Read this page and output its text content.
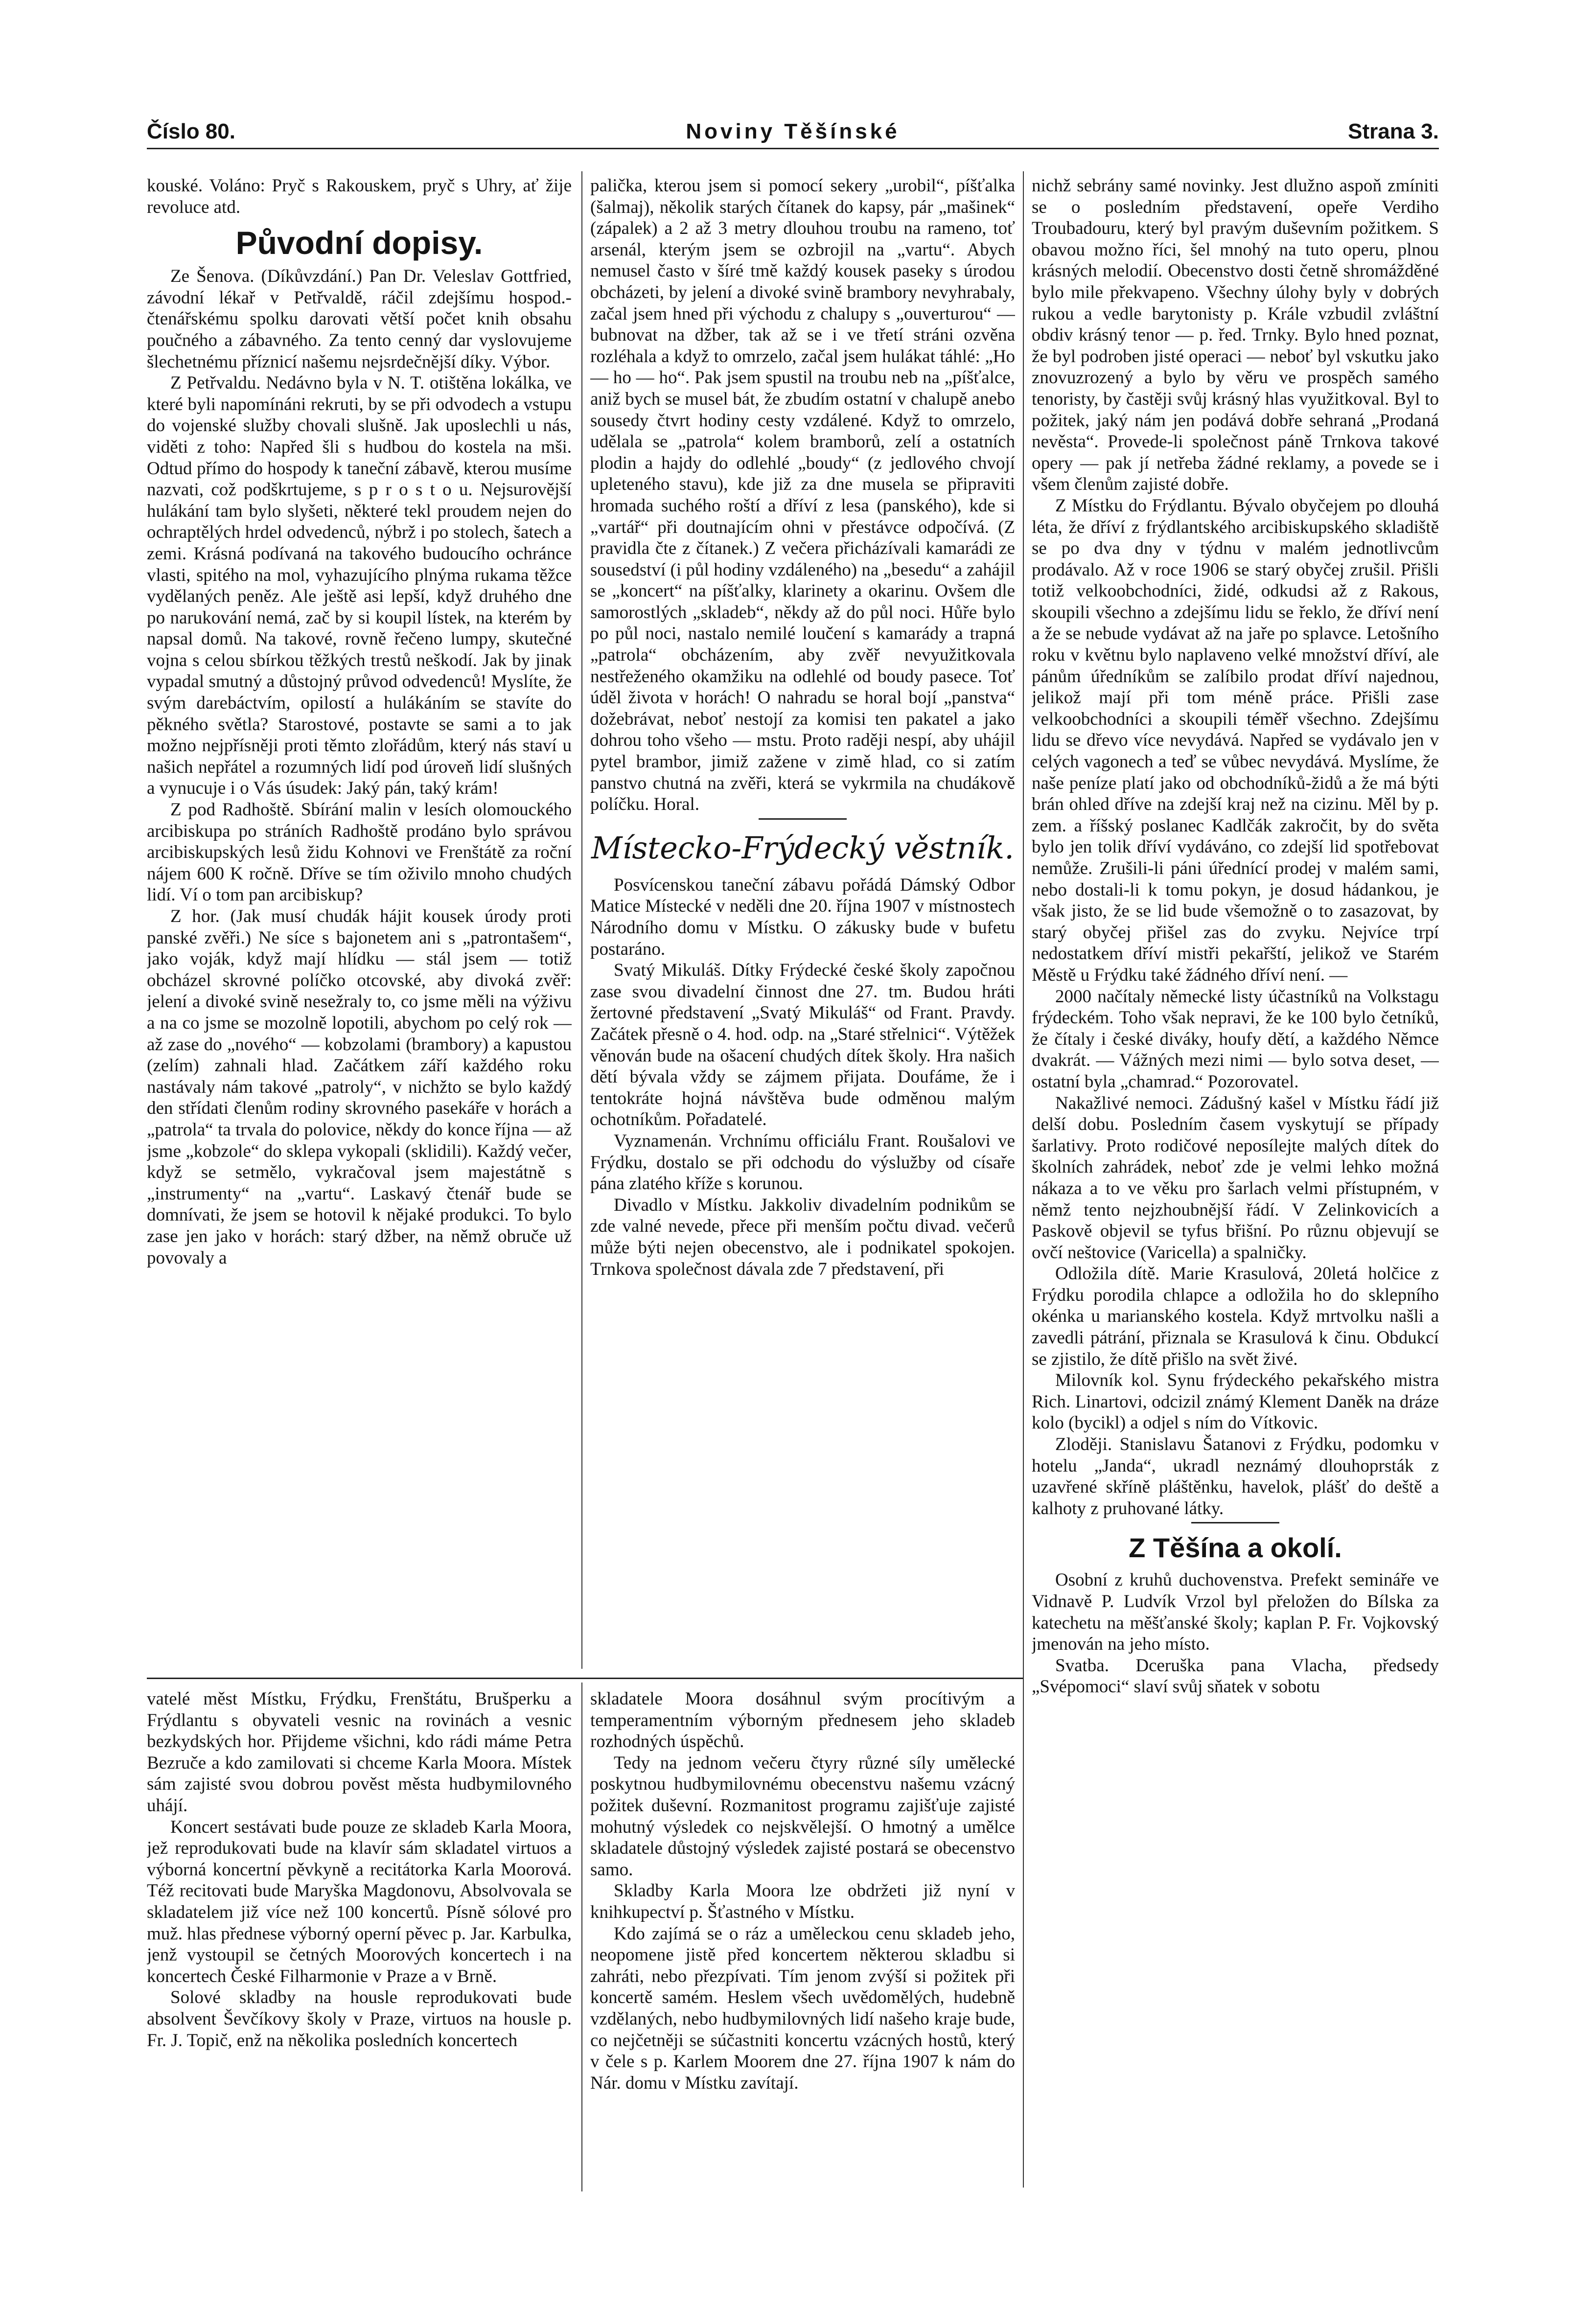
Číslo 80.	Noviny Těšínské	Strana 3.

kouské. Voláno: Pryč s Rakouskem, pryč s Uhry, ať žije revoluce atd.

Původní dopisy.

Ze Šenova. (Díkůvzdání.) Pan Dr. Veleslav Gottfried, závodní lékař v Petřvaldě, ráčil zdejšímu hospod.-čtenářskému spolku darovati větší počet knih obsahu poučného a zábavného. Za tento cenný dar vyslovujeme šlechetnému příznicí našemu nejsrdečnější díky. Výbor.

Z Petřvaldu. Nedávno byla v N. T. otištěna lokálka, ve které byli napomínáni rekruti, by se při odvodech a vstupu do vojenské služby chovali slušně. Jak uposlechli u nás, viděti z toho: Napřed šli s hudbou do kostela na mši. Odtud přímo do hospody k taneční zábavě, kterou musíme nazvati, což podškrtujeme, s p r o s t o u. Nejsurovější hulákání tam bylo slyšeti, některé tekl proudem nejen do ochraptělých hrdel odvedenců, nýbrž i po stolech, šatech a zemi. Krásná podívaná na takového budoucího ochránce vlasti, spitého na mol, vyhazujícího plnýma rukama těžce vydělaných peněz. Ale ještě asi lepší, když druhého dne po narukování nemá, zač by si koupil lístek, na kterém by napsal domů. Na takové, rovně řečeno lumpy, skutečné vojna s celou sbírkou těžkých trestů neškodí. Jak by jinak vypadal smutný a důstojný průvod odvedenců! Myslíte, že svým darebáctvím, opilostí a hulákáním se stavíte do pěkného světla? Starostové, postavte se sami a to jak možno nejpřísněji proti těmto zlořádům, který nás staví u našich nepřátel a rozumných lidí pod úroveň lidí slušných a vynucuje i o Vás úsudek: Jaký pán, taký krám!

Z pod Radhoště. Sbírání malin v lesích olomouckého arcibiskupa po stráních Radhoště prodáno bylo správou arcibiskupských lesů židu Kohnovi ve Frenštátě za roční nájem 600 K ročně. Dříve se tím oživilo mnoho chudých lidí. Ví o tom pan arcibiskup?

Z hor. (Jak musí chudák hájit kousek úrody proti panské zvěři.) Ne síce s bajonetem ani s „patrontašem“, jako voják, když mají hlídku — stál jsem — totiž obcházel skrovné políčko otcovské, aby divoká zvěř: jelení a divoké svině nesežraly to, co jsme měli na výživu a na co jsme se mozolně lopotili, abychom po celý rok — až zase do „nového“ — kobzolami (brambory) a kapustou (zelím) zahnali hlad. Začátkem září každého roku nastávaly nám takové „patroly“, v nichžto se bylo každý den střídati členům rodiny skrovného pasekáře v horách a „patrola“ ta trvala do polovice, někdy do konce října — až jsme „kobzole“ do sklepa vykopali (sklidili). Každý večer, když se setmělo, vykračoval jsem majestátně s „instrumenty“ na „vartu“. Laskavý čtenář bude se domnívati, že jsem se hotovil k nějaké produkci. To bylo zase jen jako v horách: starý džber, na němž obruče už povovaly a

palička, kterou jsem si pomocí sekery „urobil“, píšťalka (šalmaj), několik starých čítanek do kapsy, pár „mašinek“ (zápalek) a 2 až 3 metry dlouhou troubu na rameno, toť arsenál, kterým jsem se ozbrojil na „vartu“. Abych nemusel často v šíré tmě každý kousek paseky s úrodou obcházeti, by jelení a divoké svině brambory nevyhrabaly, začal jsem hned při východu z chalupy s „ouverturou“ — bubnovat na džber, tak až se i ve třetí stráni ozvěna rozléhala a když to omrzelo, začal jsem hulákat táhlé: „Ho — ho — ho“. Pak jsem spustil na troubu neb na „píšťalce, aniž bych se musel bát, že zbudím ostatní v chalupě anebo sousedy čtvrt hodiny cesty vzdálené. Když to omrzelo, udělala se „patrola“ kolem bramborů, zelí a ostatních plodin a hajdy do odlehlé „boudy“ (z jedlového chvojí upleteného stavu), kde již za dne musela se připraviti hromada suchého roští a dříví z lesa (panského), kde si „vartář“ při doutnajícím ohni v přestávce odpočívá. (Z pravidla čte z čítanek.) Z večera přicházívali kamarádi ze sousedství (i půl hodiny vzdáleného) na „besedu“ a zahájil se „koncert“ na píšťalky, klarinety a okarinu. Ovšem dle samorostlých „skladeb“, někdy až do půl noci. Hůře bylo po půl noci, nastalo nemilé loučení s kamarády a trapná „patrola“ obcházením, aby zvěř nevyužitkovala nestřeženého okamžiku na odlehlé od boudy pasece. Toť úděl života v horách! O nahradu se horal bojí „panstva“ dožebrávat, neboť nestojí za komisi ten pakatel a jako dohrou toho všeho — mstu. Proto raději nespí, aby uhájil pytel brambor, jimiž zažene v zimě hlad, co si zatím panstvo chutná na zvěři, která se vykrmila na chudákově políčku. Horal.

Místecko-Frýdecký věstník.

Posvícenskou taneční zábavu pořádá Dámský Odbor Matice Místecké v neděli dne 20. října 1907 v místnostech Národního domu v Místku. O zákusky bude v bufetu postaráno.

Svatý Mikuláš. Dítky Frýdecké české školy započnou zase svou divadelní činnost dne 27. tm. Budou hráti žertovné představení „Svatý Mikuláš“ od Frant. Pravdy. Začátek přesně o 4. hod. odp. na „Staré střelnici“. Výtěžek věnován bude na ošacení chudých dítek školy. Hra našich dětí bývala vždy se zájmem přijata. Doufáme, že i tentokráte hojná návštěva bude odměnou malým ochotníkům. Pořadatelé.

Vyznamenán. Vrchnímu officiálu Frant. Roušalovi ve Frýdku, dostalo se při odchodu do výslužby od císaře pána zlatého kříže s korunou.

Divadlo v Místku. Jakkoliv divadelním podnikům se zde valné nevede, přece při menším počtu divad. večerů může býti nejen obecenstvo, ale i podnikatel spokojen. Trnkova společnost dávala zde 7 představení, při

nichž sebrány samé novinky. Jest dlužno aspoň zmíniti se o posledním představení, opeře Verdiho Troubadouru, který byl pravým duševním požitkem. S obavou možno říci, šel mnohý na tuto operu, plnou krásných melodií. Obecenstvo dosti četně shromážděné bylo mile překvapeno. Všechny úlohy byly v dobrých rukou a vedle barytonisty p. Krále vzbudil zvláštní obdiv krásný tenor — p. řed. Trnky. Bylo hned poznat, že byl podroben jisté operaci — neboť byl vskutku jako znovuzrozený a bylo by věru ve prospěch samého tenoristy, by častěji svůj krásný hlas využitkoval. Byl to požitek, jaký nám jen podává dobře sehraná „Prodaná nevěsta“. Provede-li společnost páně Trnkova takové opery — pak jí netřeba žádné reklamy, a povede se i všem členům zajisté dobře.

Z Místku do Frýdlantu. Bývalo obyčejem po dlouhá léta, že dříví z frýdlantského arcibiskupského skladiště se po dva dny v týdnu v malém jednotlivcům prodávalo. Až v roce 1906 se starý obyčej zrušil. Přišli totiž velkoobchodníci, židé, odkudsi až z Rakous, skoupili všechno a zdejšímu lidu se řeklo, že dříví není a že se nebude vydávat až na jaře po splavce. Letošního roku v květnu bylo naplaveno velké množství dříví, ale pánům úředníkům se zalíbilo prodat dříví najednou, jelikož mají při tom méně práce. Přišli zase velkoobchodníci a skoupili téměř všechno. Zdejšímu lidu se dřevo více nevydává. Napřed se vydávalo jen v celých vagonech a teď se vůbec nevydává. Myslíme, že naše peníze platí jako od obchodníků-židů a že má býti brán ohled dříve na zdejší kraj než na cizinu. Měl by p. zem. a říšský poslanec Kadlčák zakročit, by do světa bylo jen tolik dříví vydáváno, co zdejší lid spotřebovat nemůže. Zrušili-li páni úřednící prodej v malém sami, nebo dostali-li k tomu pokyn, je dosud hádankou, je však jisto, že se lid bude všemožně o to zasazovat, by starý obyčej přišel zas do zvyku. Nejvíce trpí nedostatkem dříví mistři pekařští, jelikož ve Starém Městě u Frýdku také žádného dříví není. —

2000 načítaly německé listy účastníků na Volkstagu frýdeckém. Toho však nepravi, že ke 100 bylo četníků, že čítaly i české diváky, houfy dětí, a každého Němce dvakrát. — Vážných mezi nimi — bylo sotva deset, — ostatní byla „chamrad.“ Pozorovatel.

Nakažlivé nemoci. Zádušný kašel v Místku řádí již delší dobu. Posledním časem vyskytují se případy šarlativy. Proto rodičové neposílejte malých dítek do školních zahrádek, neboť zde je velmi lehko možná nákaza a to ve věku pro šarlach velmi přístupném, v němž tento nejzhoubnější řádí. V Zelinkovicích a Paskově objevil se tyfus břišní. Po různu objevují se ovčí neštovice (Varicella) a spalničky.

Odložila dítě. Marie Krasulová, 20letá holčice z Frýdku porodila chlapce a odložila ho do sklepního okénka u marianského kostela. Když mrtvolku našli a zavedli pátrání, přiznala se Krasulová k činu. Obdukcí se zjistilo, že dítě přišlo na svět živé.

Milovník kol. Synu frýdeckého pekařského mistra Rich. Linartovi, odcizil známý Klement Daněk na dráze kolo (bycikl) a odjel s ním do Vítkovic.

Zloději. Stanislavu Šatanovi z Frýdku, podomku v hotelu „Janda“, ukradl neznámý dlouhoprsták z uzavřené skříně pláštěnku, havelok, plášť do deště a kalhoty z pruhované látky.

Z Těšína a okolí.

Osobní z kruhů duchovenstva. Prefekt semináře ve Vidnavě P. Ludvík Vrzol byl přeložen do Bílska za katechetu na měšťanské školy; kaplan P. Fr. Vojkovský jmenován na jeho místo.

Svatba. Dceruška pana Vlacha, předsedy „Svépomoci“ slaví svůj sňatek v sobotu

vatelé měst Místku, Frýdku, Frenštátu, Brušperku a Frýdlantu s obyvateli vesnic na rovinách a vesnic bezkydských hor. Přijdeme všichni, kdo rádi máme Petra Bezruče a kdo zamilovati si chceme Karla Moora. Místek sám zajisté svou dobrou pověst městа hudbymilovného uhájí.

Koncert sestávati bude pouze ze skladeb Karla Moora, jež reprodukovati bude na klavír sám skladatel virtuos a výborná koncertní pěvkyně a recitátorka Karla Moorová. Též recitovati bude Maryška Magdonovu, Absolvovala se skladatelem již více než 100 koncertů. Písně sólové pro muž. hlas přednese výborný operní pěvec p. Jar. Karbulka, jenž vystoupil se četných Moorových koncertech i na koncertech České Filharmonie v Praze a v Brně.

Solové skladby na housle reprodukovati bude absolvent Ševčíkovy školy v Praze, virtuos na housle p. Fr. J. Topič, enž na několika posledních koncertech

skladatele Moora dosáhnul svým procítivým a temperamentním výborným přednesem jeho skladeb rozhodných úspěchů.

Tedy na jednom večeru čtyry různé síly umělecké poskytnou hudbymilovnému obecenstvu našemu vzácný požitek duševní. Rozmanitost programu zajišťuje zajisté mohutný výsledek co nejskvělejší. O hmotný a umělce skladatele důstojný výsledek zajisté postará se obecenstvo samo.

Skladby Karla Moora lze obdržeti již nyní v knihkupectví p. Šťastného v Místku.

Kdo zajímá se o ráz a uměleckou cenu skladeb jeho, neopomene jistě před koncertem některou skladbu si zahráti, nebo přezpívati. Tím jenom zvýší si požitek při koncertě samém. Heslem všech uvědomělých, hudebně vzdělaných, nebo hudbymilovných lidí našeho kraje bude, co nejčetněji se súčastniti koncertu vzácných hostů, který v čele s p. Karlem Moorem dne 27. října 1907 k nám do Nár. domu v Místku zavítají.
